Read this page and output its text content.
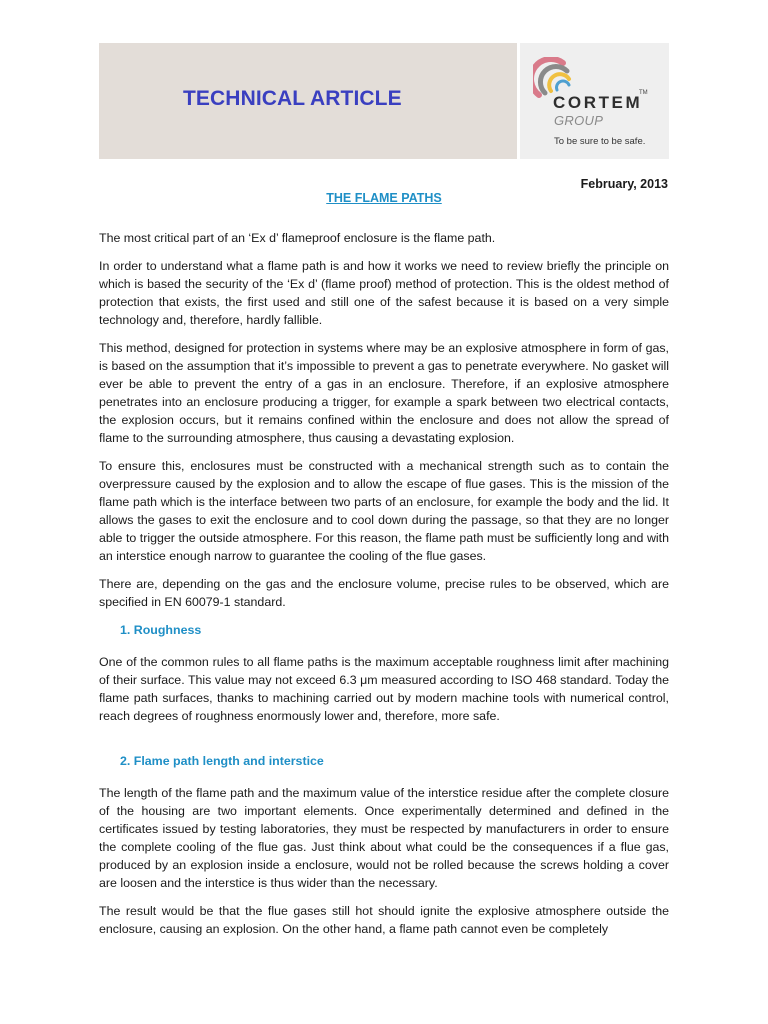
TECHNICAL ARTICLE	CORTEM
TM
GROUP
To be sure to be safe.
February, 2013
THE FLAME PATHS

The most critical part of an ‘Ex d’ flameproof enclosure is the flame path.

In order to understand what a flame path is and how it works we need to review briefly the principle on which is based the security of the ‘Ex d’ (flame proof) method of protection. This is the oldest method of protection that exists, the first used and still one of the safest because it is based on a very simple technology and, therefore, hardly fallible.

This method, designed for protection in systems where may be an explosive atmosphere in form of gas, is based on the assumption that it’s impossible to prevent a gas to penetrate everywhere. No gasket will ever be able to prevent the entry of a gas in an enclosure. Therefore, if an explosive atmosphere penetrates into an enclosure producing a trigger, for example a spark between two electrical contacts, the explosion occurs, but it remains confined within the enclosure and does not allow the spread of flame to the surrounding atmosphere, thus causing a devastating explosion.

To ensure this, enclosures must be constructed with a mechanical strength such as to contain the overpressure caused by the explosion and to allow the escape of flue gases. This is the mission of the flame path which is the interface between two parts of an enclosure, for example the body and the lid. It allows the gases to exit the enclosure and to cool down during the passage, so that they are no longer able to trigger the outside atmosphere. For this reason, the flame path must be sufficiently long and with an interstice enough narrow to guarantee the cooling of the flue gases.

There are, depending on the gas and the enclosure volume, precise rules to be observed, which are specified in EN 60079-1 standard.

1. Roughness

One of the common rules to all flame paths is the maximum acceptable roughness limit after machining of their surface. This value may not exceed 6.3 μm measured according to ISO 468 standard. Today the flame path surfaces, thanks to machining carried out by modern machine tools with numerical control, reach degrees of roughness enormously lower and, therefore, more safe.

2. Flame path length and interstice

The length of the flame path and the maximum value of the interstice residue after the complete closure of the housing are two important elements. Once experimentally determined and defined in the certificates issued by testing laboratories, they must be respected by manufacturers in order to ensure the complete cooling of the flue gas. Just think about what could be the consequences if a flue gas, produced by an explosion inside a enclosure, would not be rolled because the screws holding a cover are loosen and the interstice is thus wider than the necessary.

The result would be that the flue gases still hot should ignite the explosive atmosphere outside the enclosure, causing an explosion. On the other hand, a flame path cannot even be completely
